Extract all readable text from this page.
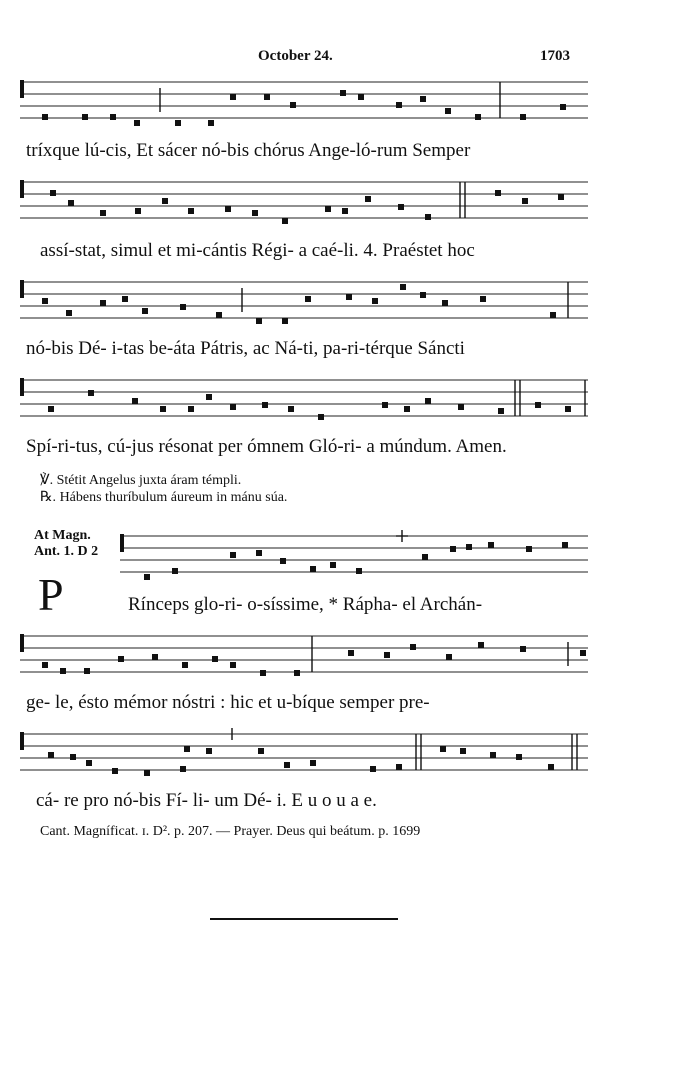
October 24.	1703
tríxque lú-cis, Et sácer nó-bis chórus Ange-ló-rum Semper
assí-stat, simul et mi-cántis Régi- a caé-li. 4. Praéstet hoc
nó-bis Dé- i-tas be-áta Pátris, ac Ná-ti, pa-ri-térque Sáncti
Spí-ri-tus, cú-jus résonat per ómnem Gló-ri- a múndum. Amen.
℣. Stétit Angelus juxta áram témpli.
℞. Hábens thuríbulum áureum in mánu súa.
At Magn.
Ant. 1. D 2
P	Rínceps glo-ri- o-síssime, * Rápha- el Archán-
ge- le, ésto mémor nóstri : hic et u-bíque semper pre-
cá- re pro nó-bis Fí- li- um Dé- i. E u o u a e.
Cant. Magníficat. ɪ. D². p. 207. — Prayer. Deus qui beátum. p. 1699
